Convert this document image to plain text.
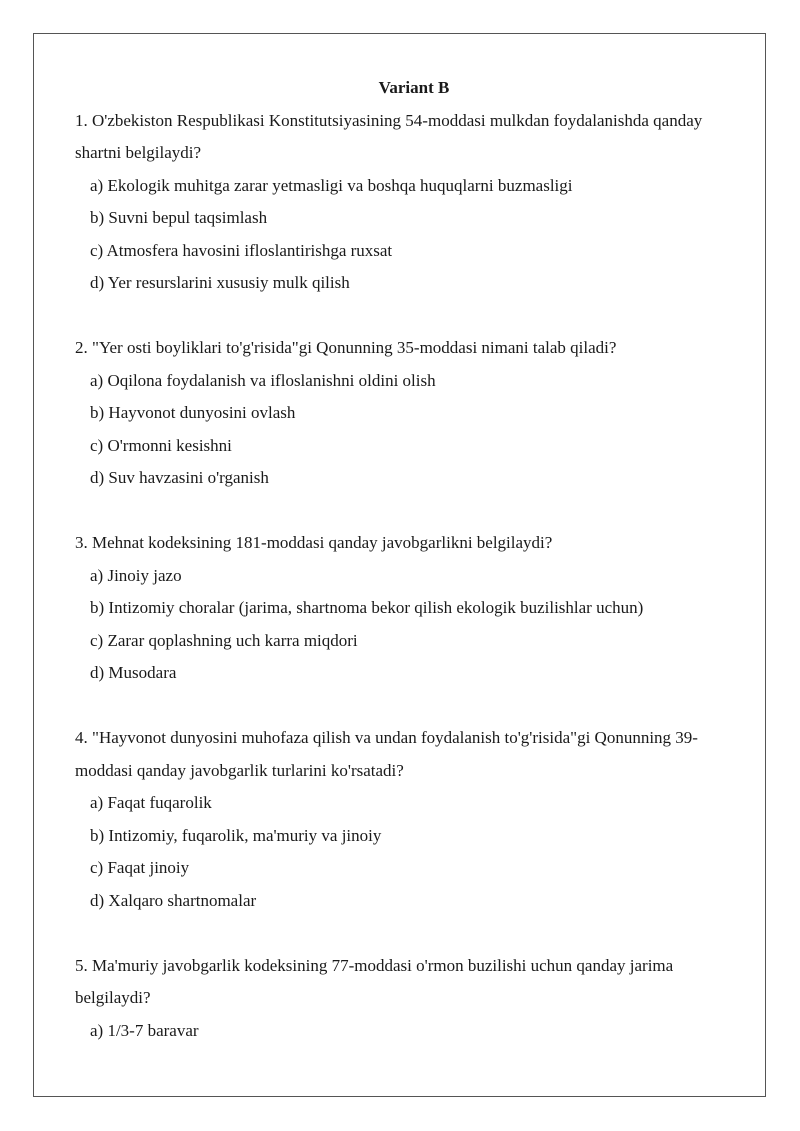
Variant B

1. O'zbekiston Respublikasi Konstitutsiyasining 54-moddasi mulkdan foydalanishda qanday shartni belgilaydi?

a) Ekologik muhitga zarar yetmasligi va boshqa huquqlarni buzmasligi
b) Suvni bepul taqsimlash
c) Atmosfera havosini ifloslantirishga ruxsat
d) Yer resurslarini xususiy mulk qilish

2. "Yer osti boyliklari to'g'risida"gi Qonunning 35-moddasi nimani talab qiladi?

a) Oqilona foydalanish va ifloslanishni oldini olish
b) Hayvonot dunyosini ovlash
c) O'rmonni kesishni
d) Suv havzasini o'rganish

3. Mehnat kodeksining 181-moddasi qanday javobgarlikni belgilaydi?

a) Jinoiy jazo
b) Intizomiy choralar (jarima, shartnoma bekor qilish ekologik buzilishlar uchun)
c) Zarar qoplashning uch karra miqdori
d) Musodara

4. "Hayvonot dunyosini muhofaza qilish va undan foydalanish to'g'risida"gi Qonunning 39-moddasi qanday javobgarlik turlarini ko'rsatadi?

a) Faqat fuqarolik
b) Intizomiy, fuqarolik, ma'muriy va jinoiy
c) Faqat jinoiy
d) Xalqaro shartnomalar

5. Ma'muriy javobgarlik kodeksining 77-moddasi o'rmon buzilishi uchun qanday jarima belgilaydi?

a) 1/3-7 baravar
